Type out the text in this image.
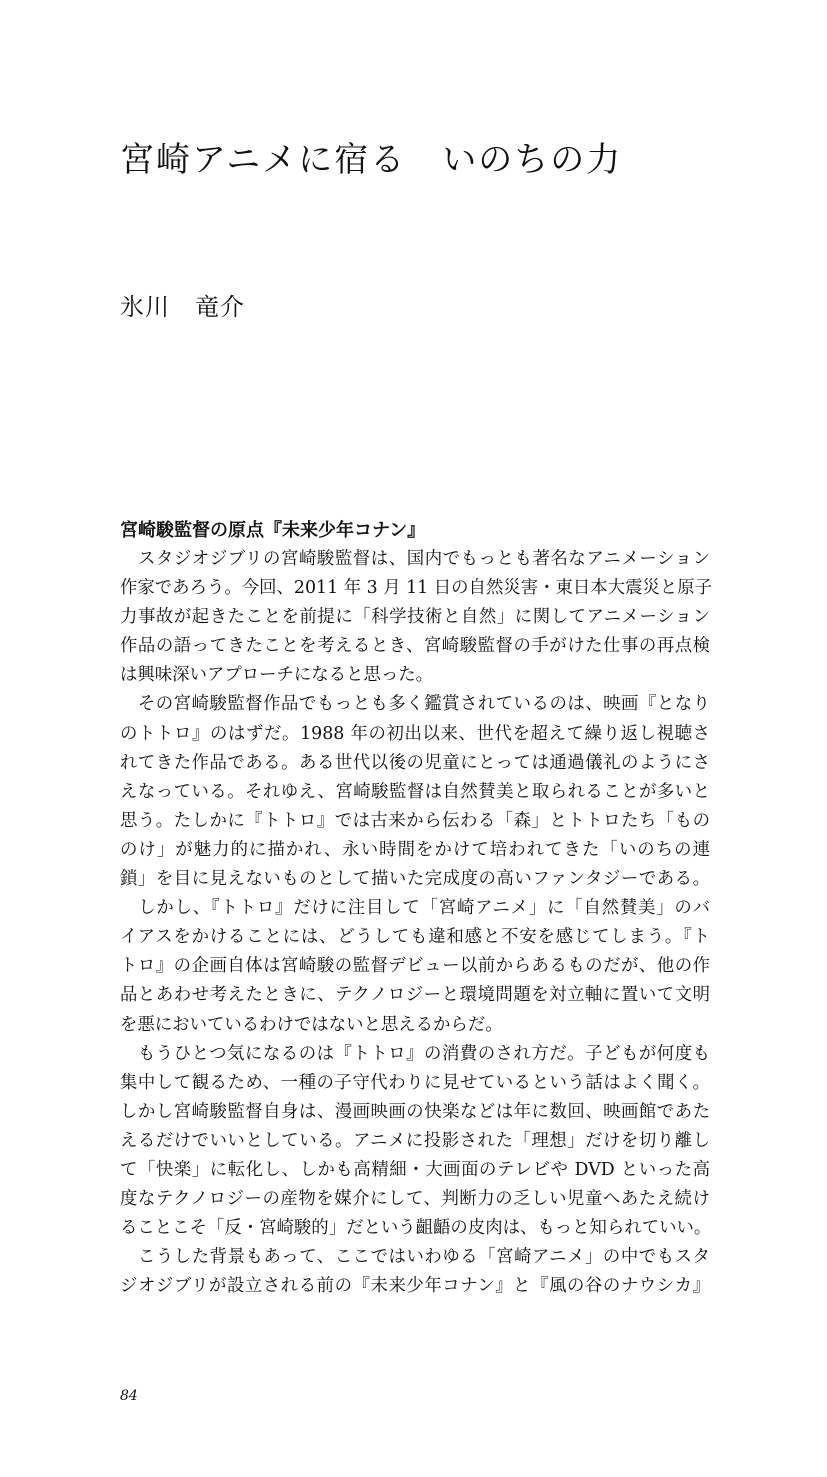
宮崎アニメに宿る　いのちの力

氷川　竜介

宮崎駿監督の原点『未来少年コナン』
　スタジオジブリの宮崎駿監督は、国内でもっとも著名なアニメーション
作家であろう。今回、2011 年 3 月 11 日の自然災害・東日本大震災と原子
力事故が起きたことを前提に「科学技術と自然」に関してアニメーション
作品の語ってきたことを考えるとき、宮崎駿監督の手がけた仕事の再点検
は興味深いアプローチになると思った。
　その宮崎駿監督作品でもっとも多く鑑賞されているのは、映画『となり
のトトロ』のはずだ。1988 年の初出以来、世代を超えて繰り返し視聴さ
れてきた作品である。ある世代以後の児童にとっては通過儀礼のようにさ
えなっている。それゆえ、宮崎駿監督は自然賛美と取られることが多いと
思う。たしかに『トトロ』では古来から伝わる「森」とトトロたち「もの
のけ」が魅力的に描かれ、永い時間をかけて培われてきた「いのちの連
鎖」を目に見えないものとして描いた完成度の高いファンタジーである。
　しかし、『トトロ』だけに注目して「宮崎アニメ」に「自然賛美」のバ
イアスをかけることには、どうしても違和感と不安を感じてしまう。『ト
トロ』の企画自体は宮崎駿の監督デビュー以前からあるものだが、他の作
品とあわせ考えたときに、テクノロジーと環境問題を対立軸に置いて文明
を悪においているわけではないと思えるからだ。
　もうひとつ気になるのは『トトロ』の消費のされ方だ。子どもが何度も
集中して観るため、一種の子守代わりに見せているという話はよく聞く。
しかし宮崎駿監督自身は、漫画映画の快楽などは年に数回、映画館であた
えるだけでいいとしている。アニメに投影された「理想」だけを切り離し
て「快楽」に転化し、しかも高精細・大画面のテレビや DVD といった高
度なテクノロジーの産物を媒介にして、判断力の乏しい児童へあたえ続け
ることこそ「反・宮崎駿的」だという齟齬の皮肉は、もっと知られていい。
　こうした背景もあって、ここではいわゆる「宮崎アニメ」の中でもスタ
ジオジブリが設立される前の『未来少年コナン』と『風の谷のナウシカ』

84
